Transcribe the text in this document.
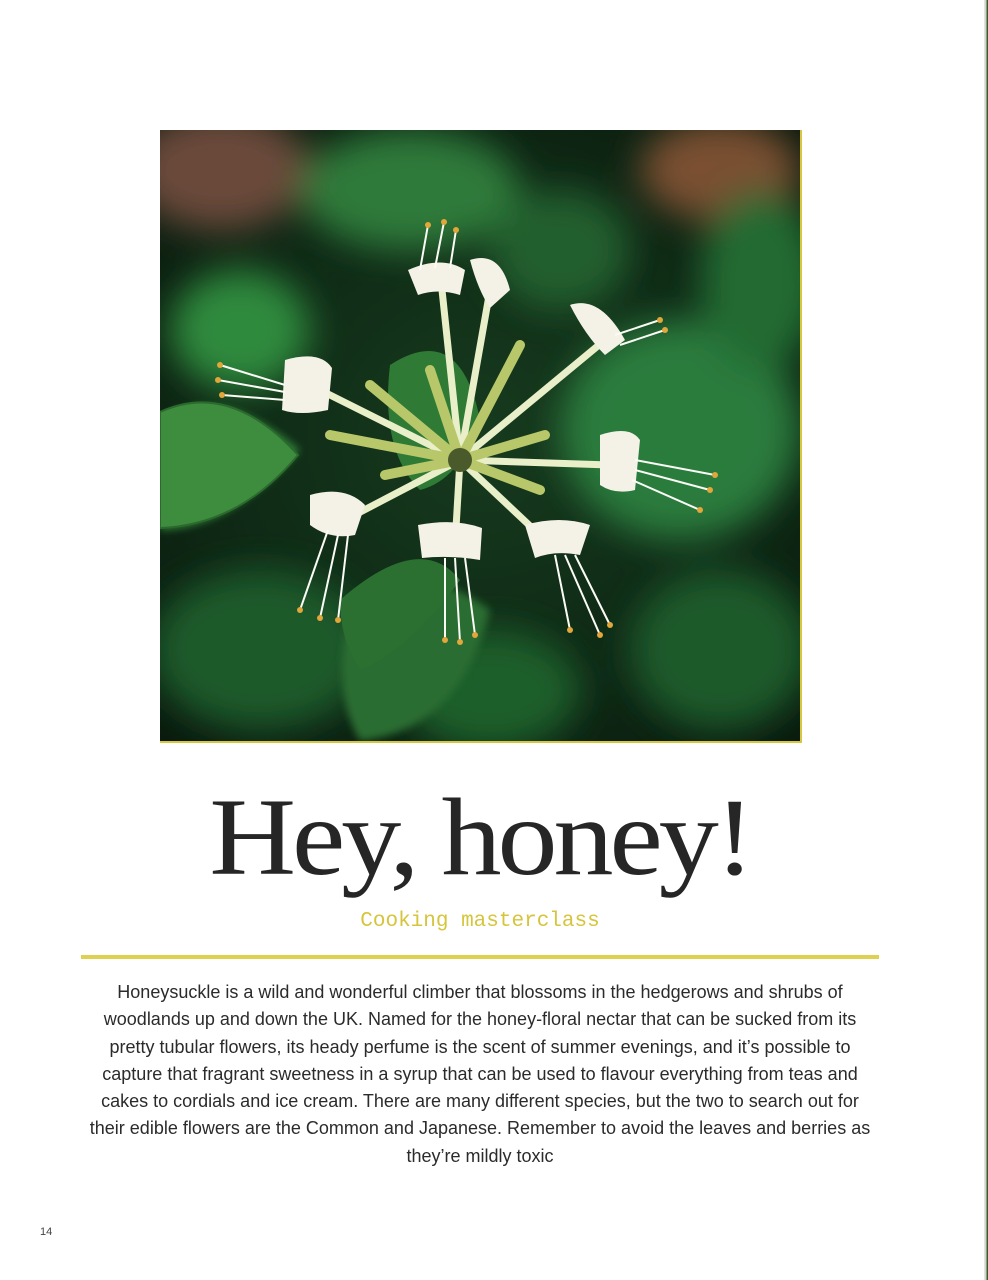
Hey, honey!
Cooking masterclass
Honeysuckle is a wild and wonderful climber that blossoms in the hedgerows and shrubs of woodlands up and down the UK. Named for the honey-floral nectar that can be sucked from its pretty tubular flowers, its heady perfume is the scent of summer evenings, and it’s possible to capture that fragrant sweetness in a syrup that can be used to flavour everything from teas and cakes to cordials and ice cream. There are many different species, but the two to search out for their edible flowers are the Common and Japanese. Remember to avoid the leaves and berries as they’re mildly toxic
14
